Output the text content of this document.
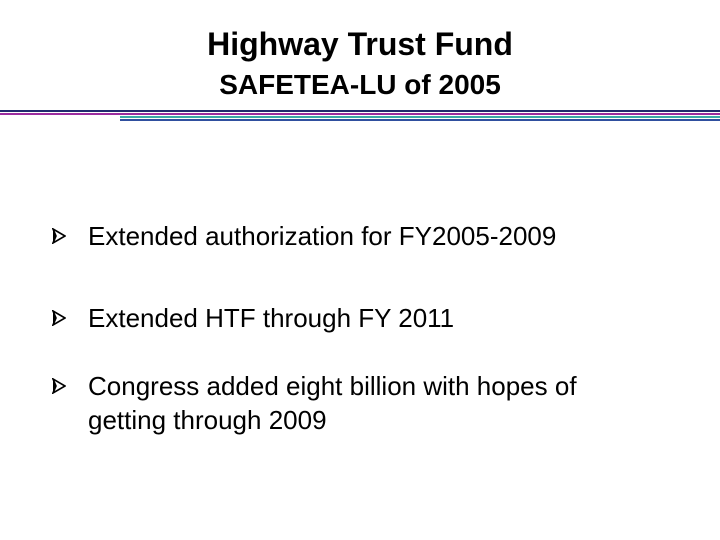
Highway Trust Fund
SAFETEA-LU of 2005
Extended authorization for FY2005-2009
Extended HTF through FY 2011
Congress added eight billion with hopes of getting through 2009
